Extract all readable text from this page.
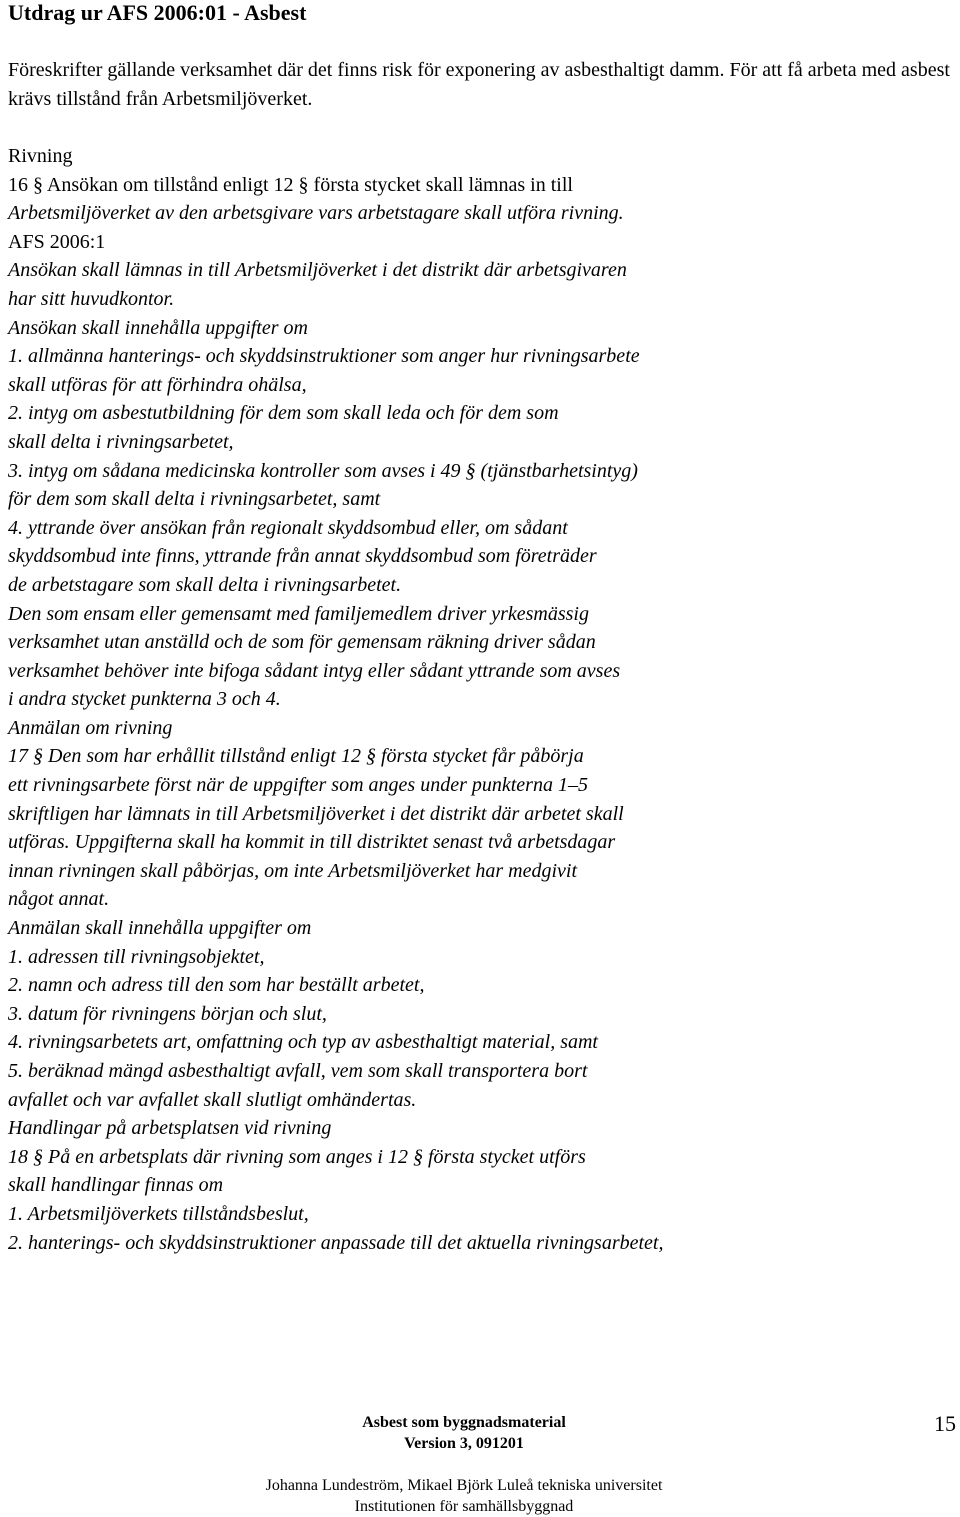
Utdrag ur AFS 2006:01 - Asbest

Föreskrifter gällande verksamhet där det finns risk för exponering av asbesthaltigt damm. För att få arbeta med asbest krävs tillstånd från Arbetsmiljöverket.

Rivning
16 § Ansökan om tillstånd enligt 12 § första stycket skall lämnas in till
Arbetsmiljöverket av den arbetsgivare vars arbetstagare skall utföra rivning.
AFS 2006:1
Ansökan skall lämnas in till Arbetsmiljöverket i det distrikt där arbetsgivaren
har sitt huvudkontor.
Ansökan skall innehålla uppgifter om
1. allmänna hanterings- och skyddsinstruktioner som anger hur rivningsarbete
skall utföras för att förhindra ohälsa,
2. intyg om asbestutbildning för dem som skall leda och för dem som
skall delta i rivningsarbetet,
3. intyg om sådana medicinska kontroller som avses i 49 § (tjänstbarhetsintyg)
för dem som skall delta i rivningsarbetet, samt
4. yttrande över ansökan från regionalt skyddsombud eller, om sådant
skyddsombud inte finns, yttrande från annat skyddsombud som företräder
de arbetstagare som skall delta i rivningsarbetet.
Den som ensam eller gemensamt med familjemedlem driver yrkesmässig
verksamhet utan anställd och de som för gemensam räkning driver sådan
verksamhet behöver inte bifoga sådant intyg eller sådant yttrande som avses
i andra stycket punkterna 3 och 4.
Anmälan om rivning
17 § Den som har erhållit tillstånd enligt 12 § första stycket får påbörja
ett rivningsarbete först när de uppgifter som anges under punkterna 1–5
skriftligen har lämnats in till Arbetsmiljöverket i det distrikt där arbetet skall
utföras. Uppgifterna skall ha kommit in till distriktet senast två arbetsdagar
innan rivningen skall påbörjas, om inte Arbetsmiljöverket har medgivit
något annat.
Anmälan skall innehålla uppgifter om
1. adressen till rivningsobjektet,
2. namn och adress till den som har beställt arbetet,
3. datum för rivningens början och slut,
4. rivningsarbetets art, omfattning och typ av asbesthaltigt material, samt
5. beräknad mängd asbesthaltigt avfall, vem som skall transportera bort
avfallet och var avfallet skall slutligt omhändertas.
Handlingar på arbetsplatsen vid rivning
18 § På en arbetsplats där rivning som anges i 12 § första stycket utförs
skall handlingar finnas om
1. Arbetsmiljöverkets tillståndsbeslut,
2. hanterings- och skyddsinstruktioner anpassade till det aktuella rivningsarbetet,
Asbest som byggnadsmaterial
Version 3, 091201
Johanna Lundeström, Mikael Björk Luleå tekniska universitet
Institutionen för samhällsbyggnad
15
